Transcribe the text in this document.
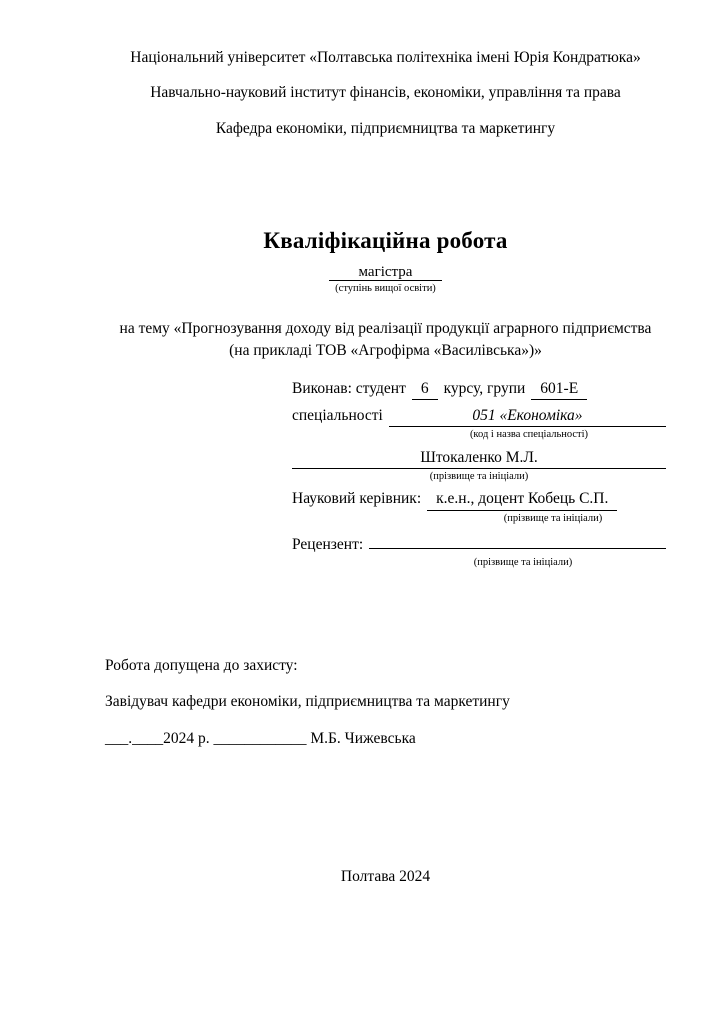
Національний університет «Полтавська політехніка імені Юрія Кондратюка»

Навчально-науковий інститут фінансів, економіки, управління та права

Кафедра економіки, підприємництва та маркетингу

Кваліфікаційна робота
магістра
(ступінь вищої освіти)

на тему «Прогнозування доходу від реалізації продукції аграрного підприємства (на прикладі ТОВ «Агрофірма «Василівська»)»

Виконав: студент 6 курсу, групи 601-Е
спеціальності	051 «Економіка»
(код і назва спеціальності)
Штокаленко М.Л.
(прізвище та ініціали)
Науковий керівник: к.е.н., доцент Кобець С.П.
(прізвище та ініціали)
Рецензент:
(прізвище та ініціали)

Робота допущена до захисту:

Завідувач кафедри економіки, підприємництва та маркетингу

___.____2024 р. ____________ М.Б. Чижевська

Полтава 2024
